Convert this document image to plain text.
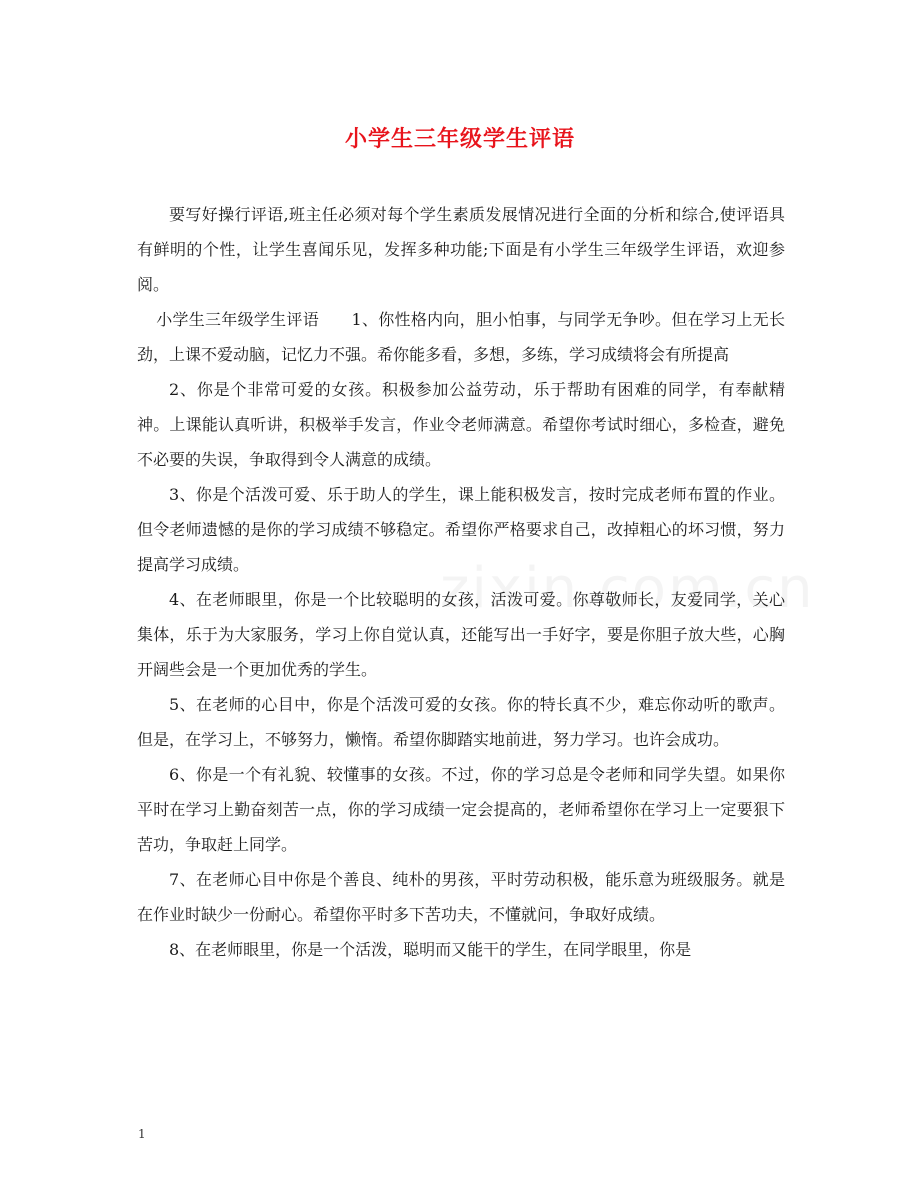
小学生三年级学生评语

要写好操行评语,班主任必须对每个学生素质发展情况进行全面的分析和综合,使评语具有鲜明的个性，让学生喜闻乐见，发挥多种功能;下面是有小学生三年级学生评语，欢迎参阅。

小学生三年级学生评语　　1、你性格内向，胆小怕事，与同学无争吵。但在学习上无长劲，上课不爱动脑，记忆力不强。希你能多看，多想，多练，学习成绩将会有所提高

2、你是个非常可爱的女孩。积极参加公益劳动，乐于帮助有困难的同学，有奉献精神。上课能认真听讲，积极举手发言，作业令老师满意。希望你考试时细心，多检查，避免不必要的失误，争取得到令人满意的成绩。

3、你是个活泼可爱、乐于助人的学生，课上能积极发言，按时完成老师布置的作业。但令老师遗憾的是你的学习成绩不够稳定。希望你严格要求自己，改掉粗心的坏习惯，努力提高学习成绩。

4、在老师眼里，你是一个比较聪明的女孩，活泼可爱。你尊敬师长，友爱同学，关心集体，乐于为大家服务，学习上你自觉认真，还能写出一手好字，要是你胆子放大些，心胸开阔些会是一个更加优秀的学生。

5、在老师的心目中，你是个活泼可爱的女孩。你的特长真不少，难忘你动听的歌声。但是，在学习上，不够努力，懒惰。希望你脚踏实地前进，努力学习。也许会成功。

6、你是一个有礼貌、较懂事的女孩。不过，你的学习总是令老师和同学失望。如果你平时在学习上勤奋刻苦一点，你的学习成绩一定会提高的，老师希望你在学习上一定要狠下苦功，争取赶上同学。

7、在老师心目中你是个善良、纯朴的男孩，平时劳动积极，能乐意为班级服务。就是在作业时缺少一份耐心。希望你平时多下苦功夫，不懂就问，争取好成绩。

8、在老师眼里，你是一个活泼，聪明而又能干的学生，在同学眼里，你是

1
